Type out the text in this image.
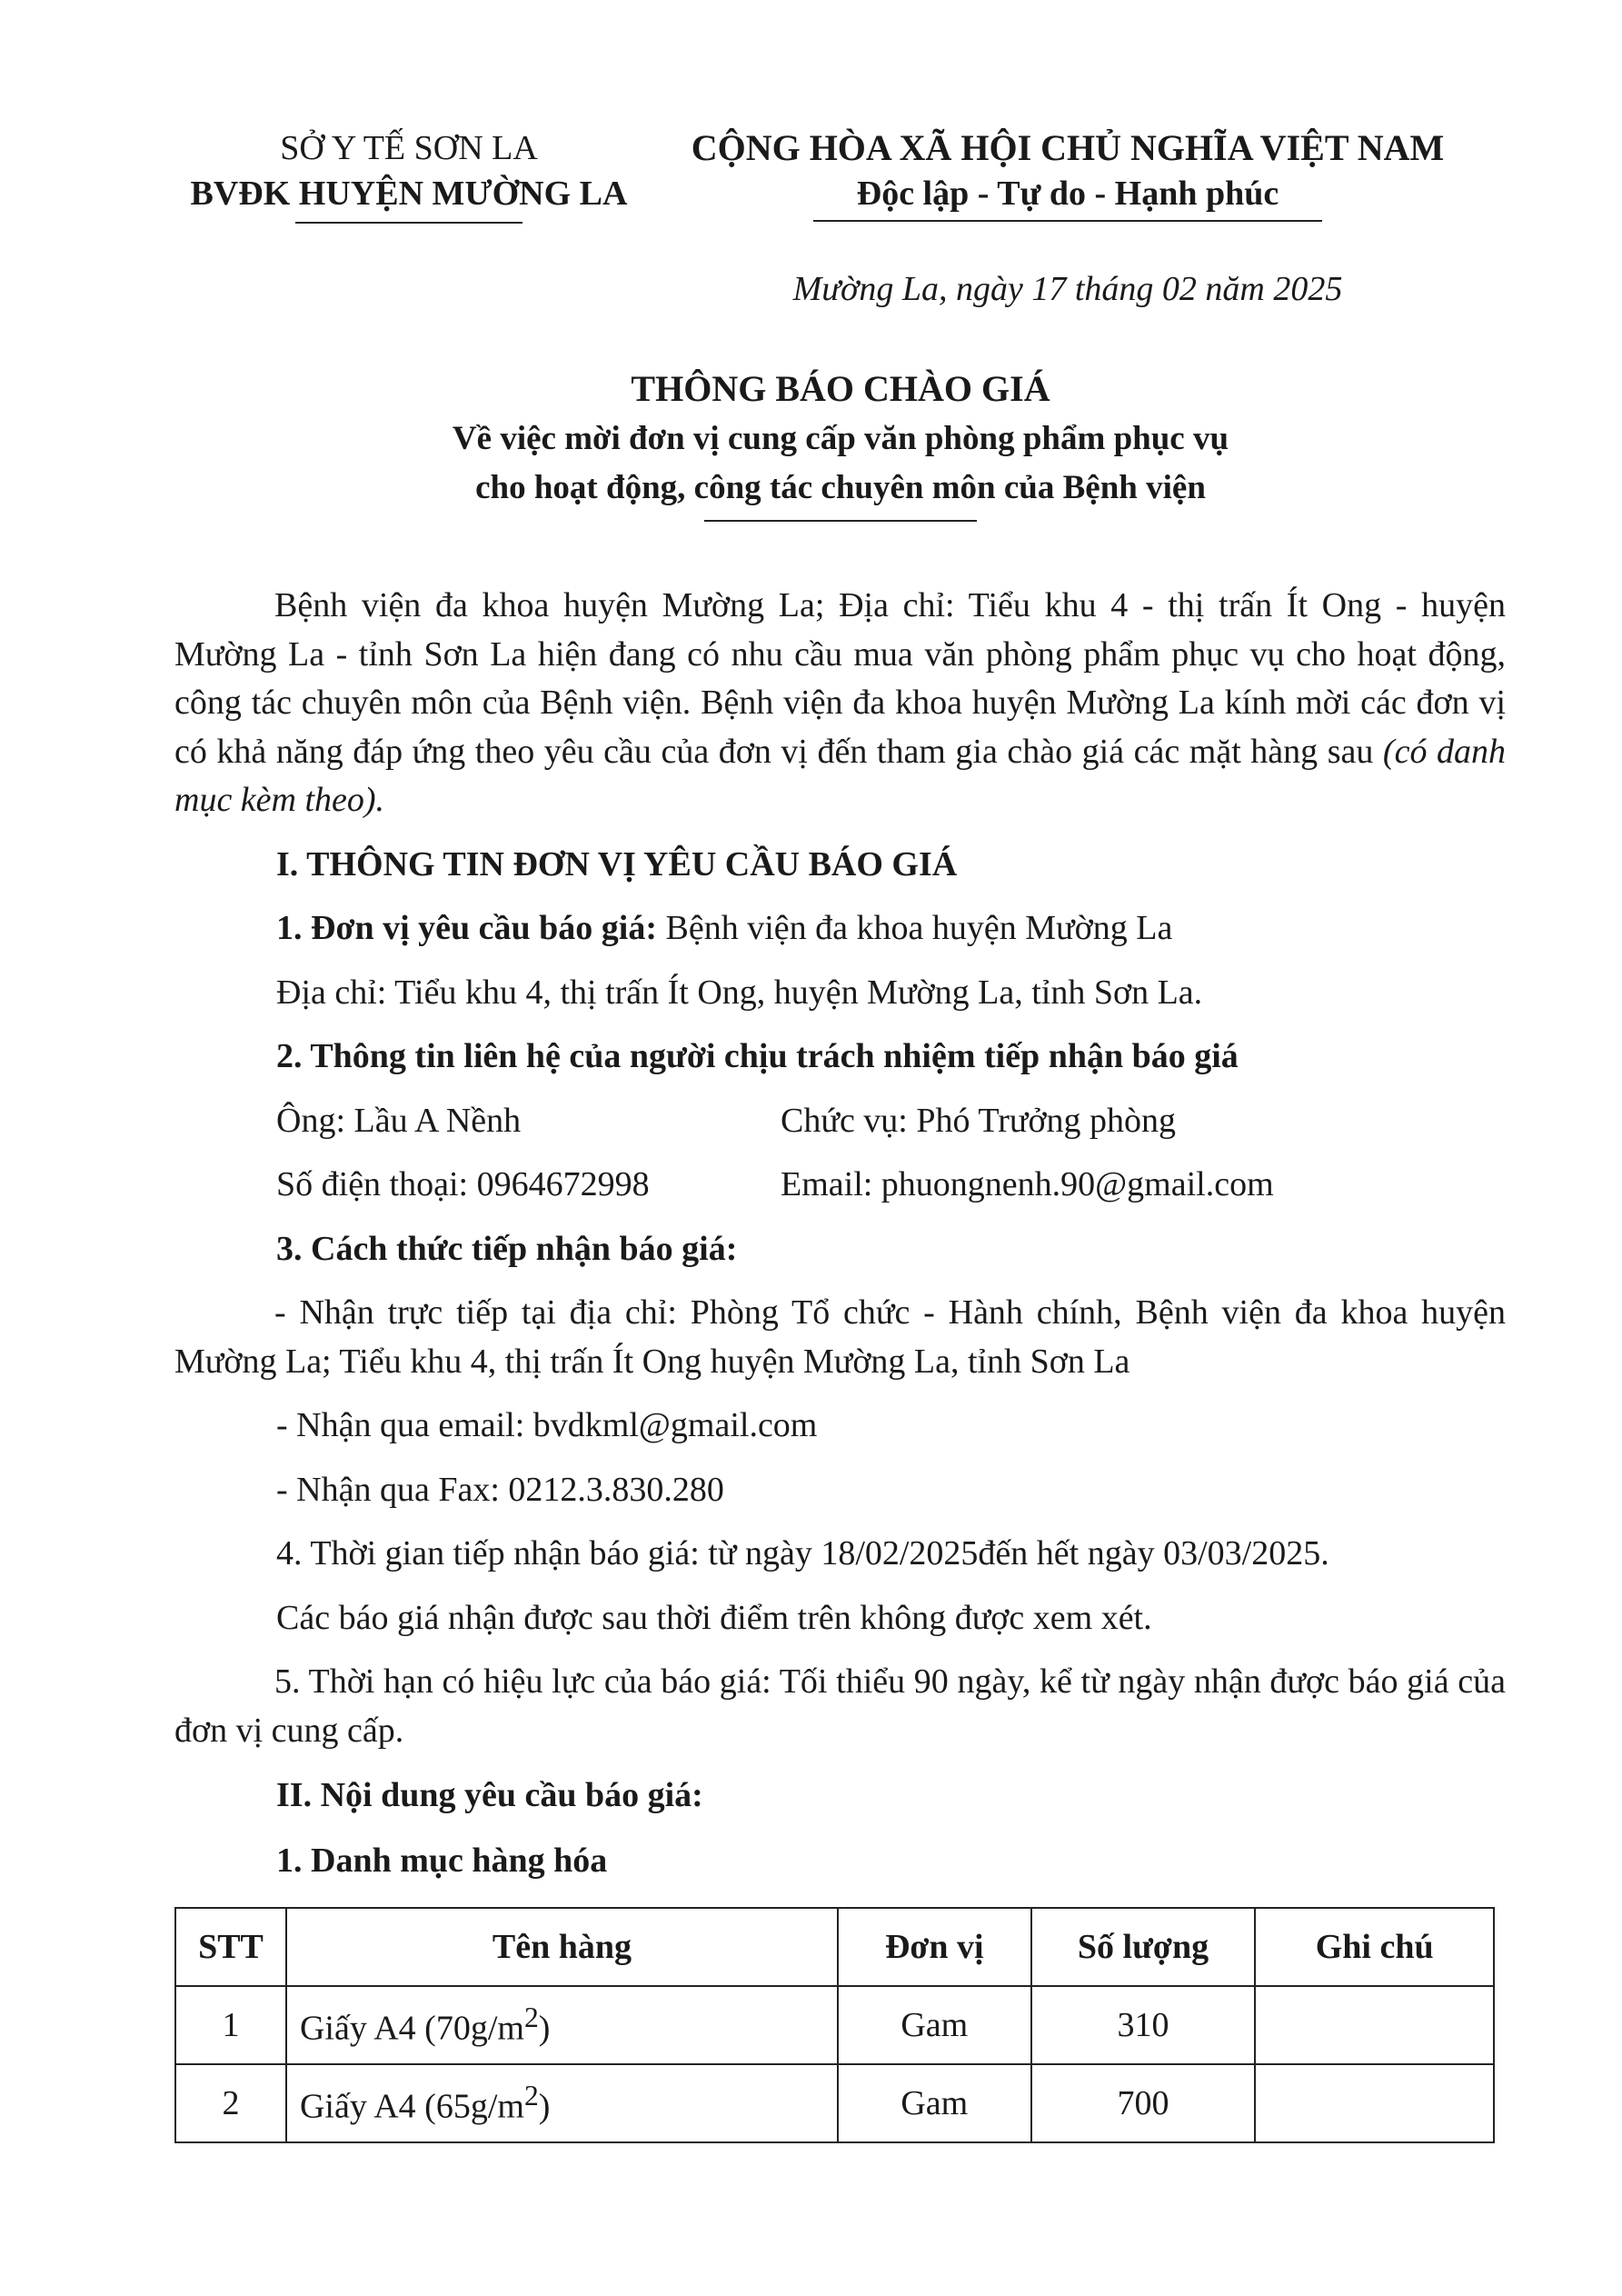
SỞ Y TẾ SƠN LA
BVĐK HUYỆN MƯỜNG LA
CỘNG HÒA XÃ HỘI CHỦ NGHĨA VIỆT NAM
Độc lập - Tự do - Hạnh phúc
Mường La, ngày 17 tháng 02 năm 2025
THÔNG BÁO CHÀO GIÁ
Về việc mời đơn vị cung cấp văn phòng phẩm phục vụ
cho hoạt động, công tác chuyên môn của Bệnh viện

Bệnh viện đa khoa huyện Mường La; Địa chỉ: Tiểu khu 4 - thị trấn Ít Ong - huyện Mường La - tỉnh Sơn La hiện đang có nhu cầu mua văn phòng phẩm phục vụ cho hoạt động, công tác chuyên môn của Bệnh viện. Bệnh viện đa khoa huyện Mường La kính mời các đơn vị có khả năng đáp ứng theo yêu cầu của đơn vị đến tham gia chào giá các mặt hàng sau (có danh mục kèm theo).

I. THÔNG TIN ĐƠN VỊ YÊU CẦU BÁO GIÁ

1. Đơn vị yêu cầu báo giá: Bệnh viện đa khoa huyện Mường La

Địa chỉ: Tiểu khu 4, thị trấn Ít Ong, huyện Mường La, tỉnh Sơn La.

2. Thông tin liên hệ của người chịu trách nhiệm tiếp nhận báo giá

Ông: Lầu A Nềnh	Chức vụ: Phó Trưởng phòng
Số điện thoại: 0964672998	Email: phuongnenh.90@gmail.com

3. Cách thức tiếp nhận báo giá:

- Nhận trực tiếp tại địa chỉ: Phòng Tổ chức - Hành chính, Bệnh viện đa khoa huyện Mường La; Tiểu khu 4, thị trấn Ít Ong huyện Mường La, tỉnh Sơn La

- Nhận qua email: bvdkml@gmail.com

- Nhận qua Fax: 0212.3.830.280

4. Thời gian tiếp nhận báo giá: từ ngày 18/02/2025đến hết ngày 03/03/2025.

Các báo giá nhận được sau thời điểm trên không được xem xét.

5. Thời hạn có hiệu lực của báo giá: Tối thiểu 90 ngày, kể từ ngày nhận được báo giá của đơn vị cung cấp.

II. Nội dung yêu cầu báo giá:

1. Danh mục hàng hóa

STT	Tên hàng	Đơn vị	Số lượng	Ghi chú
1	Giấy A4 $(70g/m^2)$	Gam	310	
2	Giấy A4 $(65g/m^2)$	Gam	700	
